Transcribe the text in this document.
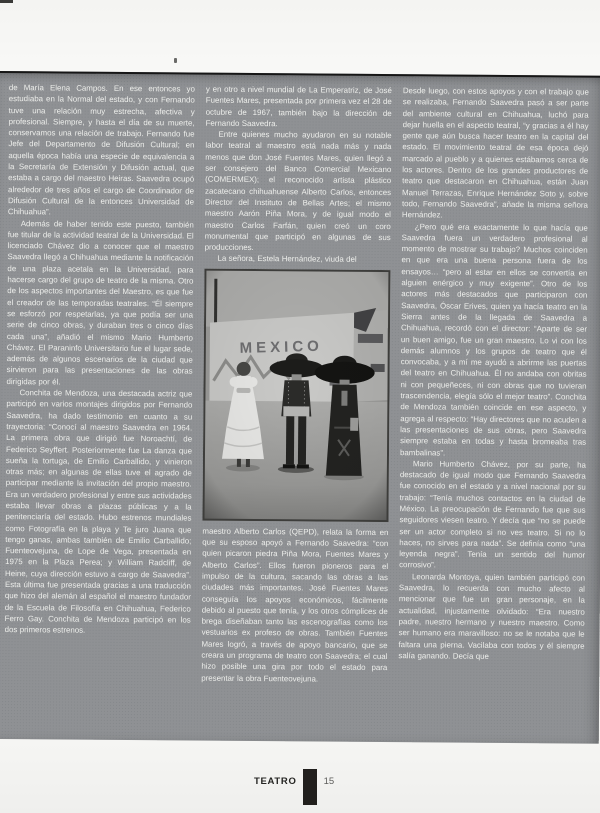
de María Elena Campos. En ese entonces yo estudiaba en la Normal del estado, y con Fernando tuve una relación muy estrecha, afectiva y profesional. Siempre, y hasta el día de su muerte, conservamos una relación de trabajo. Fernando fue Jefe del Departamento de Difusión Cultural; en aquella época había una especie de equivalencia a la Secretaría de Extensión y Difusión actual, que estaba a cargo del maestro Heiras. Saavedra ocupó alrededor de tres años el cargo de Coordinador de Difusión Cultural de la entonces Universidad de Chihuahua”.

Además de haber tenido este puesto, también fue titular de la actividad teatral de la Universidad. El licenciado Chávez dio a conocer que el maestro Saavedra llegó a Chihuahua mediante la notificación de una plaza acetala en la Universidad, para hacerse cargo del grupo de teatro de la misma. Otro de los aspectos importantes del Maestro, es que fue el creador de las temporadas teatrales. “Él siempre se esforzó por respetarlas, ya que podía ser una serie de cinco obras, y duraban tres o cinco días cada una”, añadió el mismo Mario Humberto Chávez. El Paraninfo Universitario fue el lugar sede, además de algunos escenarios de la ciudad que sirvieron para las presentaciones de las obras dirigidas por él.

Conchita de Mendoza, una destacada actriz que participó en varios montajes dirigidos por Fernando Saavedra, ha dado testimonio en cuanto a su trayectoria: “Conocí al maestro Saavedra en 1964. La primera obra que dirigió fue Noroachtí, de Federico Seyffert. Posteriormente fue La danza que sueña la tortuga, de Emilio Carballido, y vinieron otras más; en algunas de ellas tuve el agrado de participar mediante la invitación del propio maestro. Era un verdadero profesional y entre sus actividades estaba llevar obras a plazas públicas y a la penitenciaría del estado. Hubo estrenos mundiales como Fotografía en la playa y Te juro Juana que tengo ganas, ambas también de Emilio Carballido; Fuenteovejuna, de Lope de Vega, presentada en 1975 en la Plaza Perea; y William Radcliff, de Heine, cuya dirección estuvo a cargo de Saavedra”. Esta última fue presentada gracias a una traducción que hizo del alemán al español el maestro fundador de la Escuela de Filosofía en Chihuahua, Federico Ferro Gay. Conchita de Mendoza participó en los dos primeros estrenos.

y en otro a nivel mundial de La Emperatriz, de José Fuentes Mares, presentada por primera vez el 28 de octubre de 1967, también bajo la dirección de Fernando Saavedra.

Entre quienes mucho ayudaron en su notable labor teatral al maestro está nada más y nada menos que don José Fuentes Mares, quien llegó a ser consejero del Banco Comercial Mexicano (COMERMEX); el reconocido artista plástico zacatecano chihuahuense Alberto Carlos, entonces Director del Instituto de Bellas Artes; el mismo maestro Aarón Piña Mora, y de igual modo el maestro Carlos Farfán, quien creó un coro monumental que participó en algunas de sus producciones.

La señora, Estela Hernández, viuda del

maestro Alberto Carlos (QEPD), relata la forma en que su esposo apoyó a Fernando Saavedra: “con quien picaron piedra Piña Mora, Fuentes Mares y Alberto Carlos”. Ellos fueron pioneros para el impulso de la cultura, sacando las obras a las ciudades más importantes. José Fuentes Mares conseguía los apoyos económicos, fácilmente debido al puesto que tenía, y los otros cómplices de brega diseñaban tanto las escenografías como los vestuarios ex profeso de obras. También Fuentes Mares logró, a través de apoyo bancario, que se creara un programa de teatro con Saavedra; el cual hizo posible una gira por todo el estado para presentar la obra Fuenteovejuna.

Desde luego, con estos apoyos y con el trabajo que se realizaba, Fernando Saavedra pasó a ser parte del ambiente cultural en Chihuahua, luchó para dejar huella en el aspecto teatral, “y gracias a él hay gente que aún busca hacer teatro en la capital del estado. El movimiento teatral de esa época dejó marcado al pueblo y a quienes estábamos cerca de los actores. Dentro de los grandes productores de teatro que destacaron en Chihuahua, están Juan Manuel Terrazas, Enrique Hernández Soto y, sobre todo, Fernando Saavedra”, añade la misma señora Hernández.

¿Pero qué era exactamente lo que hacía que Saavedra fuera un verdadero profesional al momento de mostrar su trabajo? Muchos coinciden en que era una buena persona fuera de los ensayos… “pero al estar en ellos se convertía en alguien enérgico y muy exigente”. Otro de los actores más destacados que participaron con Saavedra, Óscar Erives, quien ya hacía teatro en la Sierra antes de la llegada de Saavedra a Chihuahua, recordó con el director: “Aparte de ser un buen amigo, fue un gran maestro. Lo vi con los demás alumnos y los grupos de teatro que él convocaba, y a mí me ayudó a abrirme las puertas del teatro en Chihuahua. Él no andaba con obritas ni con pequeñeces, ni con obras que no tuvieran trascendencia, elegía sólo el mejor teatro”. Conchita de Mendoza también coincide en ese aspecto, y agrega al respecto: “Hay directores que no acuden a las presentaciones de sus obras, pero Saavedra siempre estaba en todas y hasta bromeaba tras bambalinas”.

Mario Humberto Chávez, por su parte, ha destacado de igual modo que Fernando Saavedra fue conocido en el estado y a nivel nacional por su trabajo: “Tenía muchos contactos en la ciudad de México. La preocupación de Fernando fue que sus seguidores viesen teatro. Y decía que “no se puede ser un actor completo si no ves teatro. Si no lo haces, no sirves para nada”. Se definía como “una leyenda negra”. Tenía un sentido del humor corrosivo”.

Leonarda Montoya, quien también participó con Saavedra, lo recuerda con mucho afecto al mencionar que fue un gran personaje, en la actualidad, injustamente olvidado: “Era nuestro padre, nuestro hermano y nuestro maestro. Como ser humano era maravilloso: no se le notaba que le faltara una pierna. Vacilaba con todos y él siempre salía ganando. Decía que

TEATRO	15
